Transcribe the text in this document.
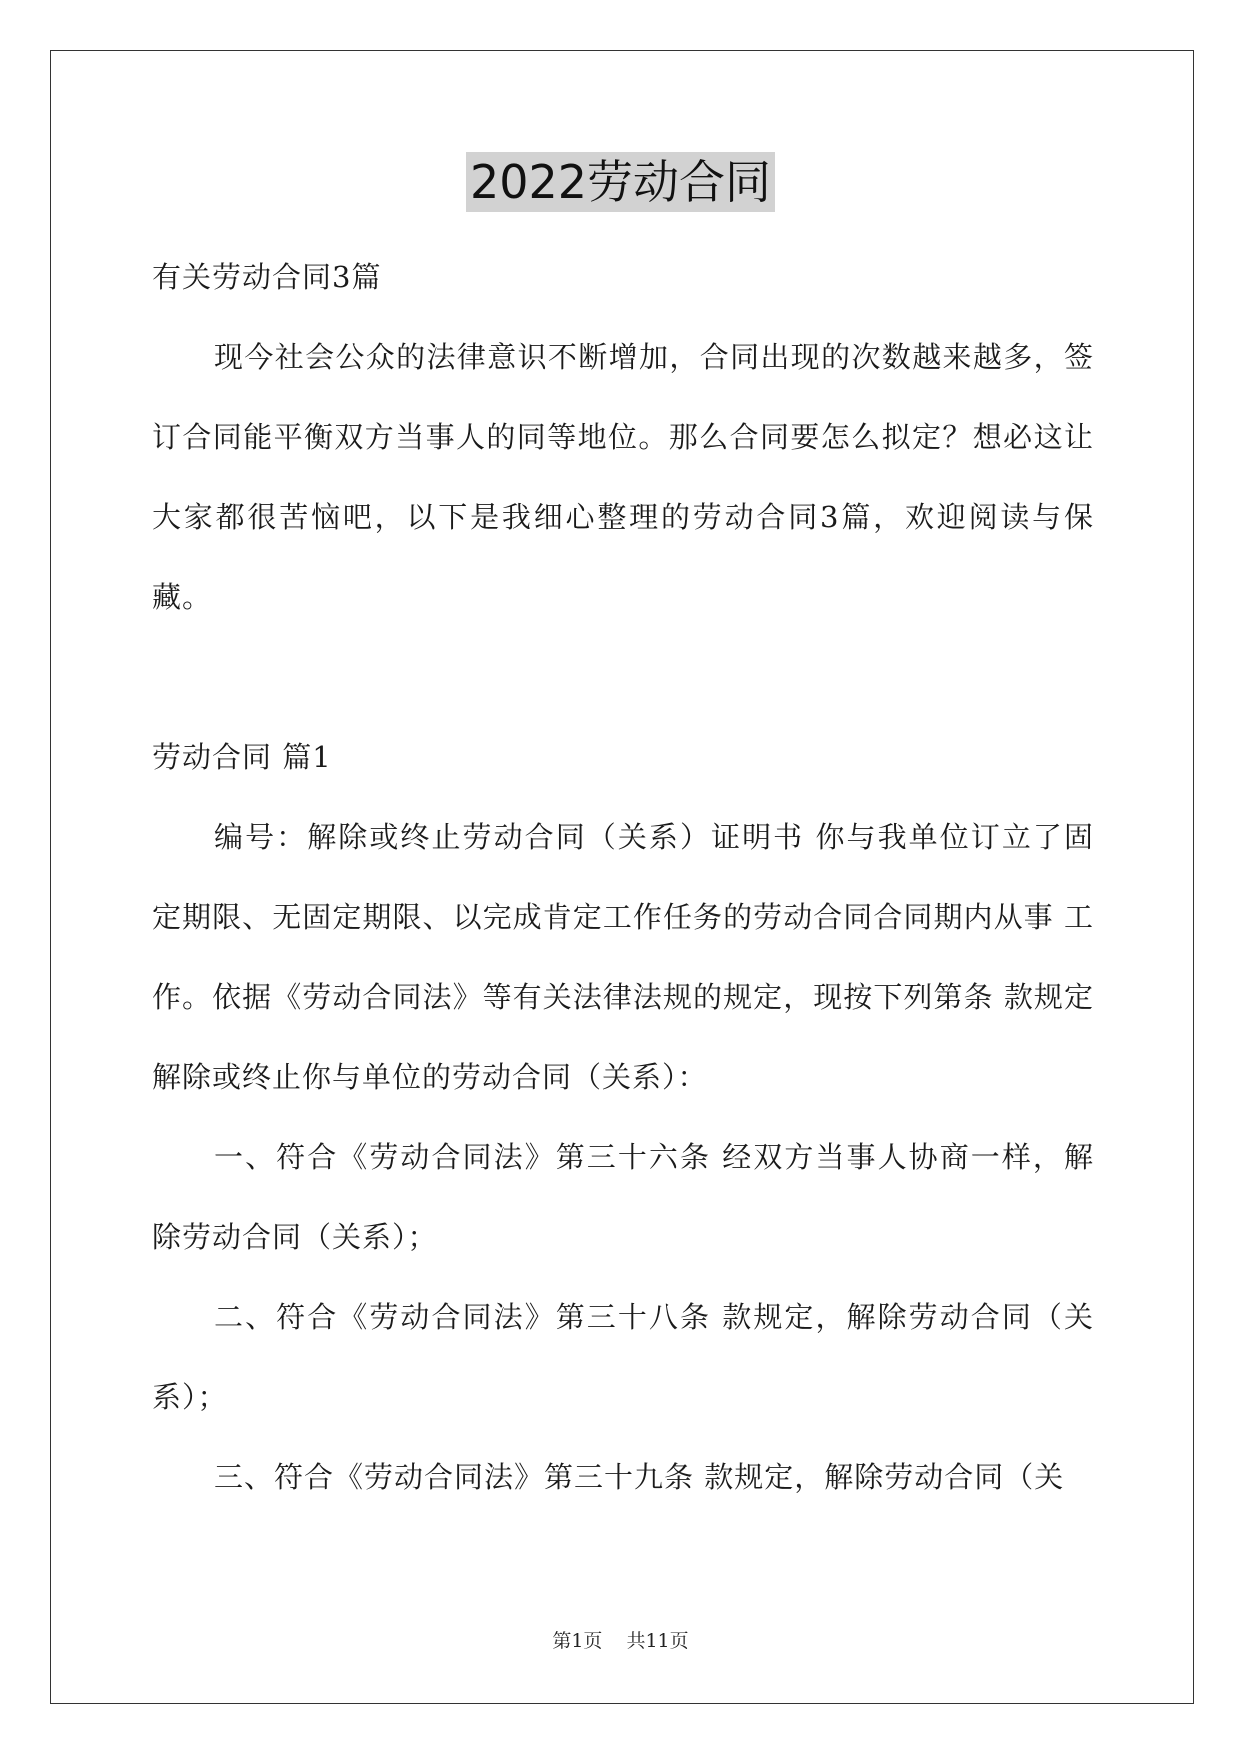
2022劳动合同

有关劳动合同3篇

现今社会公众的法律意识不断增加，合同出现的次数越来越多，签订合同能平衡双方当事人的同等地位。那么合同要怎么拟定？想必这让大家都很苦恼吧，以下是我细心整理的劳动合同3篇，欢迎阅读与保藏。

劳动合同 篇1

编号：解除或终止劳动合同（关系）证明书 你与我单位订立了固定期限、无固定期限、以完成肯定工作任务的劳动合同合同期内从事 工作。依据《劳动合同法》等有关法律法规的规定，现按下列第条 款规定解除或终止你与单位的劳动合同（关系）：

一、符合《劳动合同法》第三十六条 经双方当事人协商一样，解除劳动合同（关系）；

二、符合《劳动合同法》第三十八条 款规定，解除劳动合同（关系）；

三、符合《劳动合同法》第三十九条 款规定，解除劳动合同（关

第1页 共11页
